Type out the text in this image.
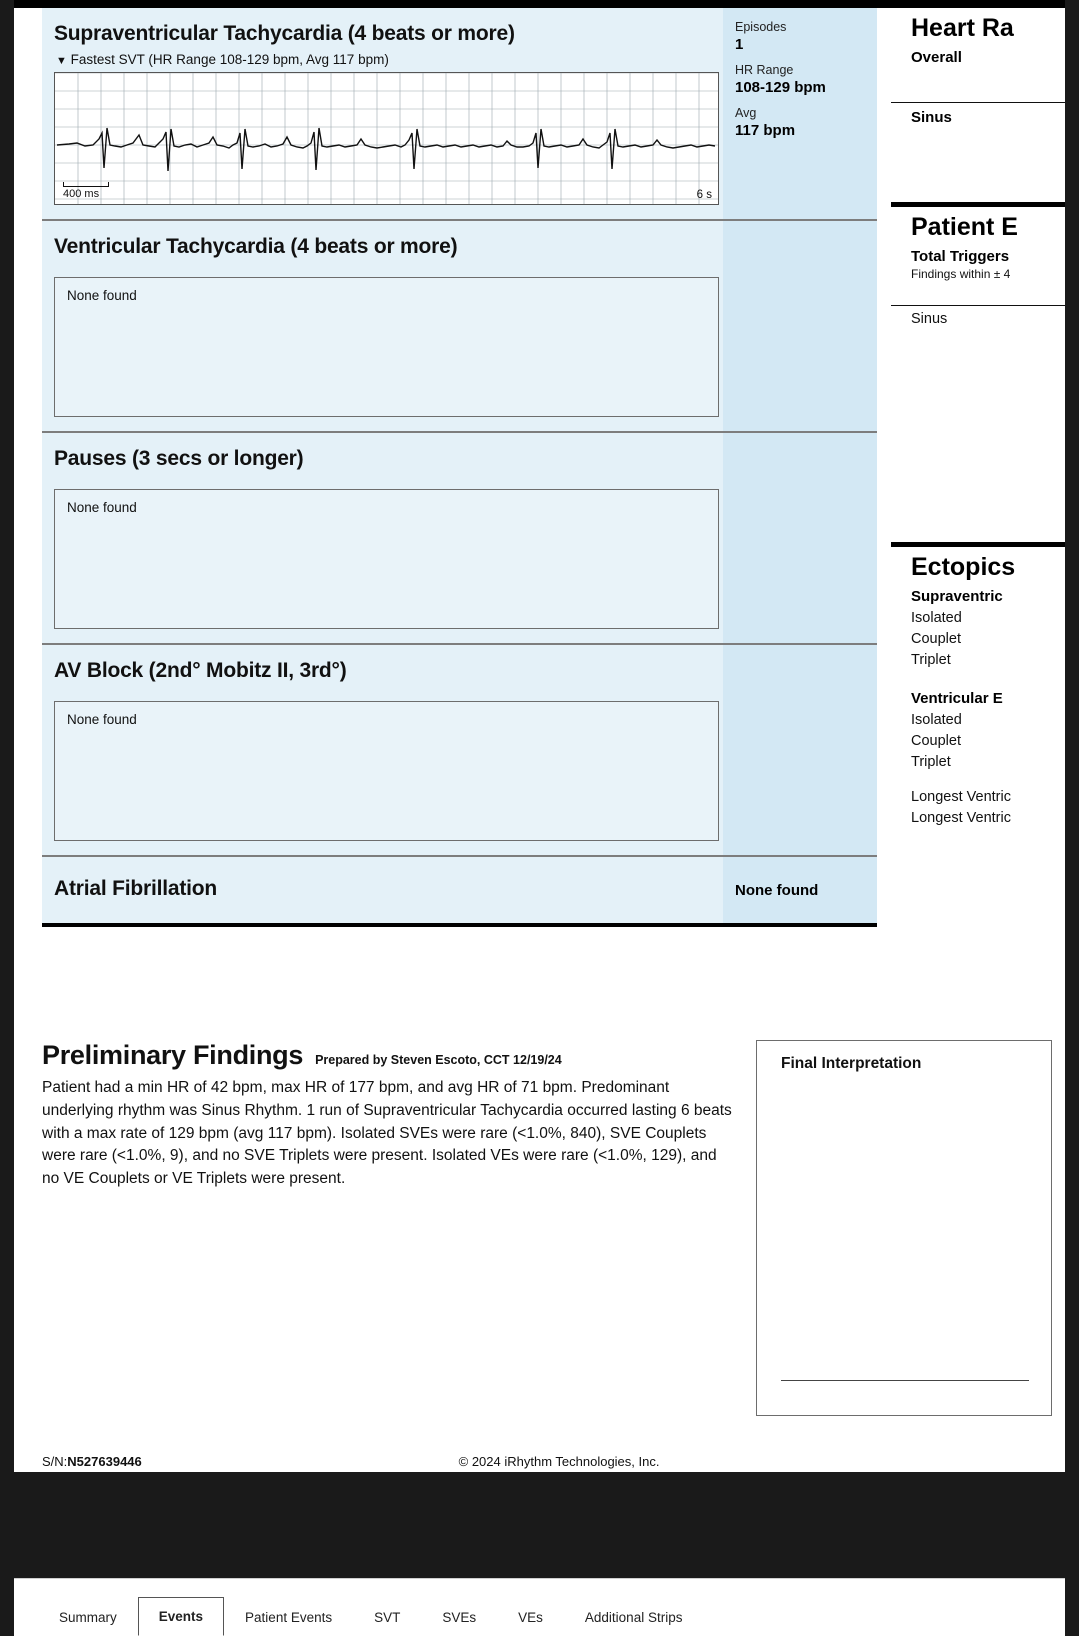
Supraventricular Tachycardia (4 beats or more)
▼ Fastest SVT (HR Range 108-129 bpm, Avg 117 bpm)
400 ms	6 s
Episodes
1
HR Range
108-129 bpm
Avg
117 bpm
Ventricular Tachycardia (4 beats or more)
None found
Pauses (3 secs or longer)
None found
AV Block (2nd° Mobitz II, 3rd°)
None found
Atrial Fibrillation	None found
Heart Ra
Overall
Sinus
Patient E
Total Triggers
Findings within ± 4
Sinus
Ectopics
Supraventric
Isolated
Couplet
Triplet
Ventricular E
Isolated
Couplet
Triplet
Longest Ventric
Longest Ventric
Preliminary Findings Prepared by Steven Escoto, CCT 12/19/24
Patient had a min HR of 42 bpm, max HR of 177 bpm, and avg HR of 71 bpm. Predominant underlying rhythm was Sinus Rhythm. 1 run of Supraventricular Tachycardia occurred lasting 6 beats with a max rate of 129 bpm (avg 117 bpm). Isolated SVEs were rare (<1.0%, 840), SVE Couplets were rare (<1.0%, 9), and no SVE Triplets were present. Isolated VEs were rare (<1.0%, 129), and no VE Couplets or VE Triplets were present.
Final Interpretation
S/N:N527639446	© 2024 iRhythm Technologies, Inc.
Summary	Events	Patient Events	SVT	SVEs	VEs	Additional Strips
